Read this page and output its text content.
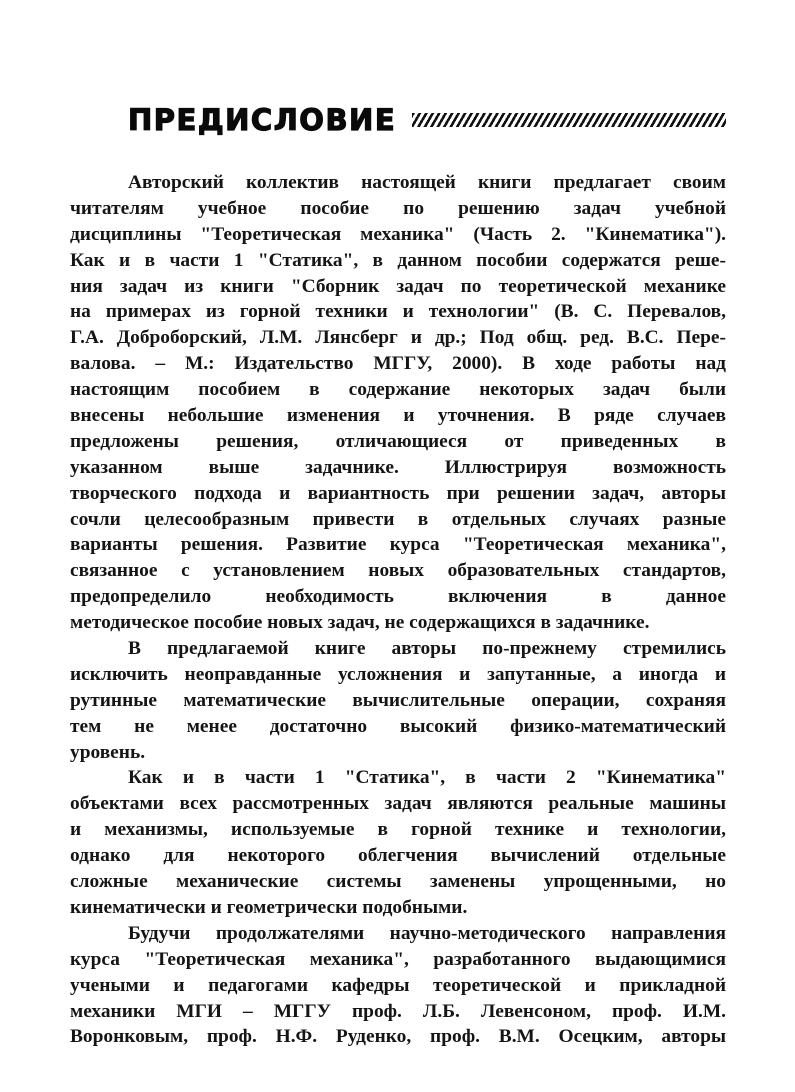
ПРЕДИСЛОВИЕ
Авторский коллектив настоящей книги предлагает своим
читателям учебное пособие по решению задач учебной
дисциплины "Теоретическая механика" (Часть 2. "Кинематика").
Как и в части 1 "Статика", в данном пособии содержатся реше-
ния задач из книги "Сборник задач по теоретической механике
на примерах из горной техники и технологии" (В. С. Перевалов,
Г.А. Доброборский, Л.М. Лянсберг и др.; Под общ. ред. В.С. Пере-
валова. – М.: Издательство МГГУ, 2000). В ходе работы над
настоящим пособием в содержание некоторых задач были
внесены небольшие изменения и уточнения. В ряде случаев
предложены решения, отличающиеся от приведенных в
указанном выше задачнике. Иллюстрируя возможность
творческого подхода и вариантность при решении задач, авторы
сочли целесообразным привести в отдельных случаях разные
варианты решения. Развитие курса "Теоретическая механика",
связанное с установлением новых образовательных стандартов,
предопределило необходимость включения в данное
методическое пособие новых задач, не содержащихся в задачнике.
В предлагаемой книге авторы по-прежнему стремились
исключить неоправданные усложнения и запутанные, а иногда и
рутинные математические вычислительные операции, сохраняя
тем не менее достаточно высокий физико-математический
уровень.
Как и в части 1 "Статика", в части 2 "Кинематика"
объектами всех рассмотренных задач являются реальные машины
и механизмы, используемые в горной технике и технологии,
однако для некоторого облегчения вычислений отдельные
сложные механические системы заменены упрощенными, но
кинематически и геометрически подобными.
Будучи продолжателями научно-методического направления
курса "Теоретическая механика", разработанного выдающимися
учеными и педагогами кафедры теоретической и прикладной
механики МГИ – МГГУ проф. Л.Б. Левенсоном, проф. И.М.
Воронковым, проф. Н.Ф. Руденко, проф. В.М. Осецким, авторы
